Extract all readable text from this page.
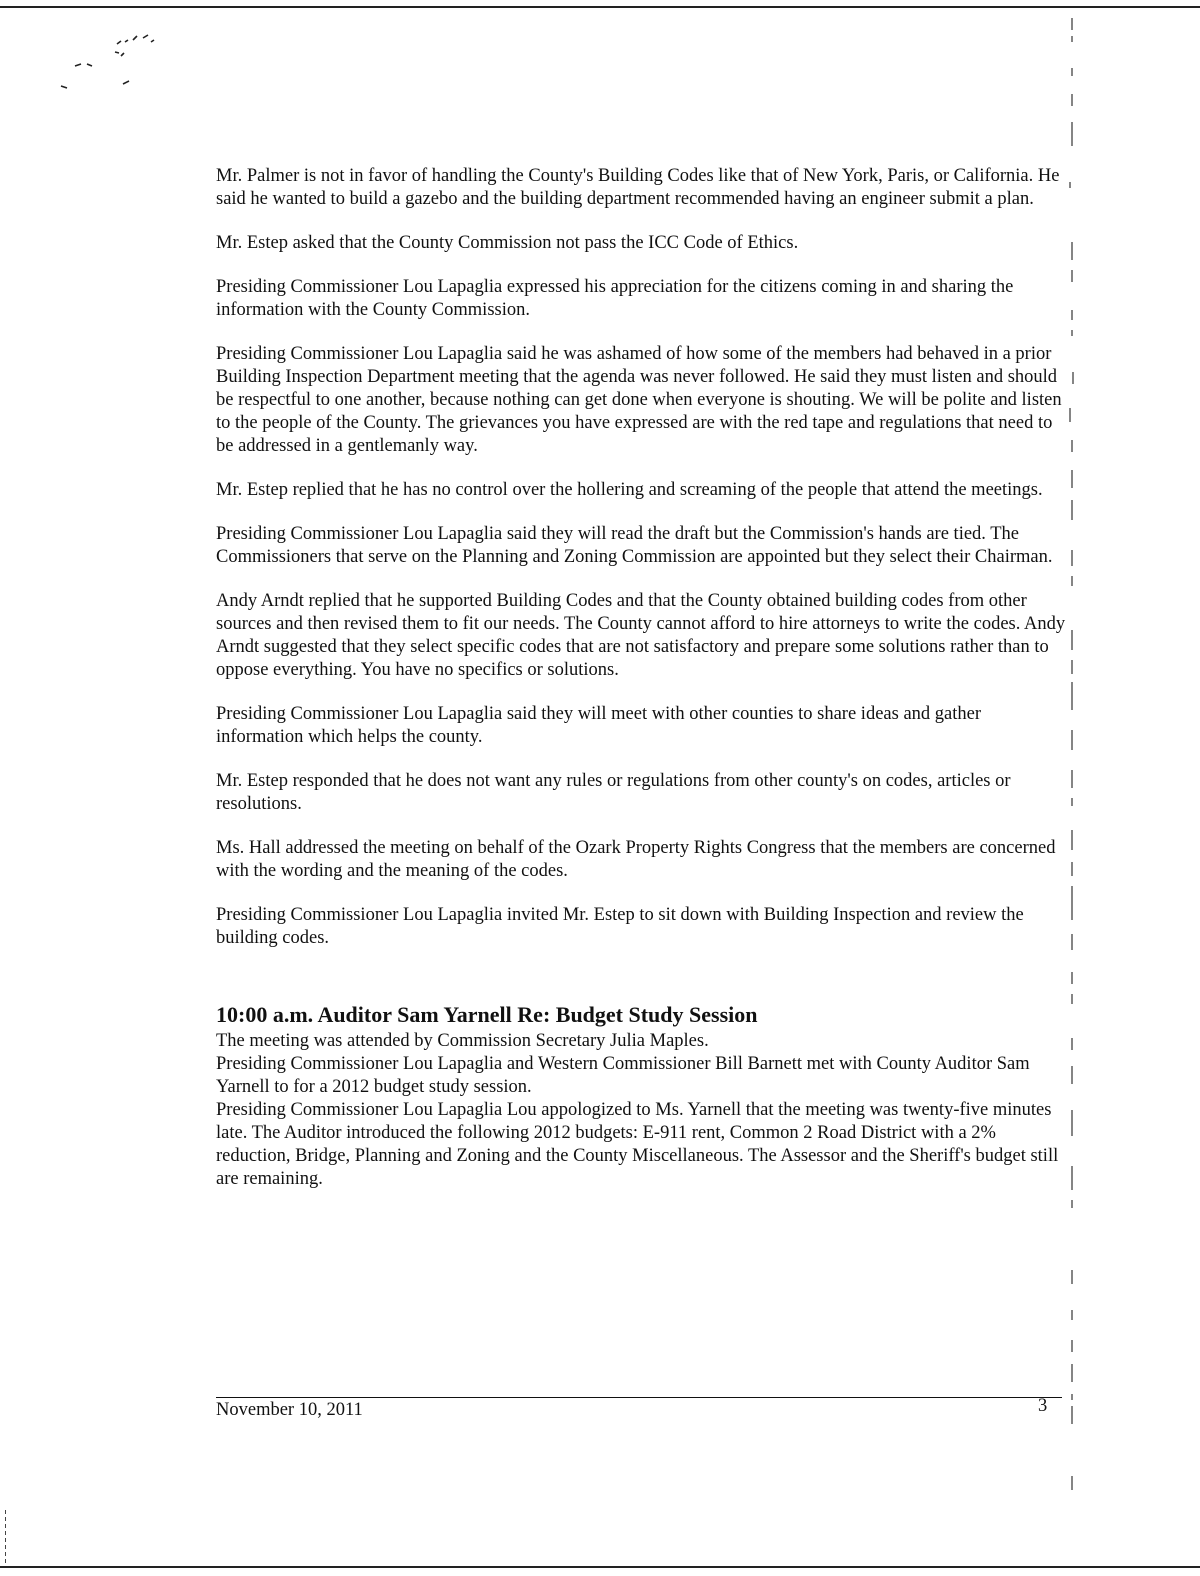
Mr. Palmer is not in favor of handling the County's Building Codes like that of New York, Paris, or California. He said he wanted to build a gazebo and the building department recommended having an engineer submit a plan.

Mr. Estep asked that the County Commission not pass the ICC Code of Ethics.

Presiding Commissioner Lou Lapaglia expressed his appreciation for the citizens coming in and sharing the information with the County Commission.

Presiding Commissioner Lou Lapaglia said he was ashamed of how some of the members had behaved in a prior Building Inspection Department meeting that the agenda was never followed. He said they must listen and should be respectful to one another, because nothing can get done when everyone is shouting. We will be polite and listen to the people of the County. The grievances you have expressed are with the red tape and regulations that need to be addressed in a gentlemanly way.

Mr. Estep replied that he has no control over the hollering and screaming of the people that attend the meetings.

Presiding Commissioner Lou Lapaglia said they will read the draft but the Commission's hands are tied. The Commissioners that serve on the Planning and Zoning Commission are appointed but they select their Chairman.

Andy Arndt replied that he supported Building Codes and that the County obtained building codes from other sources and then revised them to fit our needs. The County cannot afford to hire attorneys to write the codes. Andy Arndt suggested that they select specific codes that are not satisfactory and prepare some solutions rather than to oppose everything. You have no specifics or solutions.

Presiding Commissioner Lou Lapaglia said they will meet with other counties to share ideas and gather information which helps the county.

Mr. Estep responded that he does not want any rules or regulations from other county's on codes, articles or resolutions.

Ms. Hall addressed the meeting on behalf of the Ozark Property Rights Congress that the members are concerned with the wording and the meaning of the codes.

Presiding Commissioner Lou Lapaglia invited Mr. Estep to sit down with Building Inspection and review the building codes.

10:00 a.m. Auditor Sam Yarnell Re: Budget Study Session

The meeting was attended by Commission Secretary Julia Maples.

Presiding Commissioner Lou Lapaglia and Western Commissioner Bill Barnett met with County Auditor Sam Yarnell to for a 2012 budget study session.

Presiding Commissioner Lou Lapaglia Lou appologized to Ms. Yarnell that the meeting was twenty-five minutes late. The Auditor introduced the following 2012 budgets: E-911 rent, Common 2 Road District with a 2% reduction, Bridge, Planning and Zoning and the County Miscellaneous. The Assessor and the Sheriff's budget still are remaining.

November 10, 2011	3
